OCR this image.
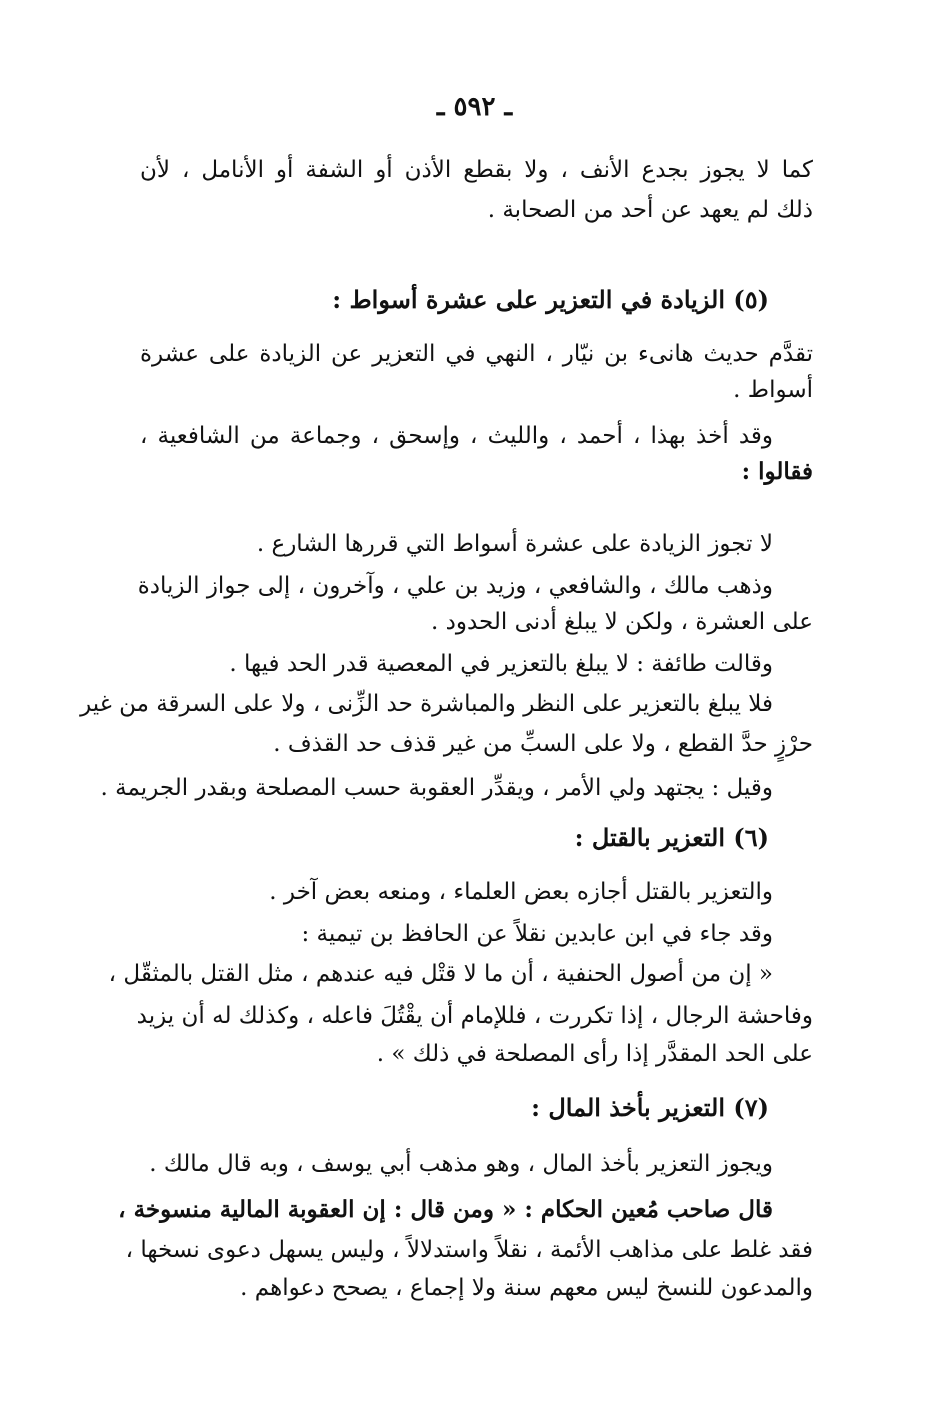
ـ ٥٩٢ ـ
كما لا يجوز بجدع الأنف ، ولا بقطع الأذن أو الشفة أو الأنامل ، لأن
ذلك لم يعهد عن أحد من الصحابة .
(٥) الزيادة في التعزير على عشرة أسواط :
تقدَّم حديث هانىء بن نيّار ، النهي في التعزير عن الزيادة على عشرة
أسواط .
وقد أخذ بهذا ، أحمد ، والليث ، وإسحق ، وجماعة من الشافعية ،
فقالوا :
لا تجوز الزيادة على عشرة أسواط التي قررها الشارع .
وذهب مالك ، والشافعي ، وزيد بن علي ، وآخرون ، إلى جواز الزيادة
على العشرة ، ولكن لا يبلغ أدنى الحدود .
وقالت طائفة : لا يبلغ بالتعزير في المعصية قدر الحد فيها .
فلا يبلغ بالتعزير على النظر والمباشرة حد الزِّنى ، ولا على السرقة من غير
حرْزٍ حدَّ القطع ، ولا على السبِّ من غير قذف حد القذف .
وقيل : يجتهد ولي الأمر ، ويقدِّر العقوبة حسب المصلحة وبقدر الجريمة .
(٦) التعزير بالقتل :
والتعزير بالقتل أجازه بعض العلماء ، ومنعه بعض آخر .
وقد جاء في ابن عابدين نقلاً عن الحافظ بن تيمية :
« إن من أصول الحنفية ، أن ما لا قتْل فيه عندهم ، مثل القتل بالمثقّل ،
وفاحشة الرجال ، إذا تكررت ، فللإمام أن يقْتُلَ فاعله ، وكذلك له أن يزيد
على الحد المقدَّر إذا رأى المصلحة في ذلك » .
(٧) التعزير بأخذ المال :
ويجوز التعزير بأخذ المال ، وهو مذهب أبي يوسف ، وبه قال مالك .
قال صاحب مُعين الحكام : « ومن قال : إن العقوبة المالية منسوخة ،
فقد غلط على مذاهب الأئمة ، نقلاً واستدلالاً ، وليس يسهل دعوى نسخها ،
والمدعون للنسخ ليس معهم سنة ولا إجماع ، يصحح دعواهم .
